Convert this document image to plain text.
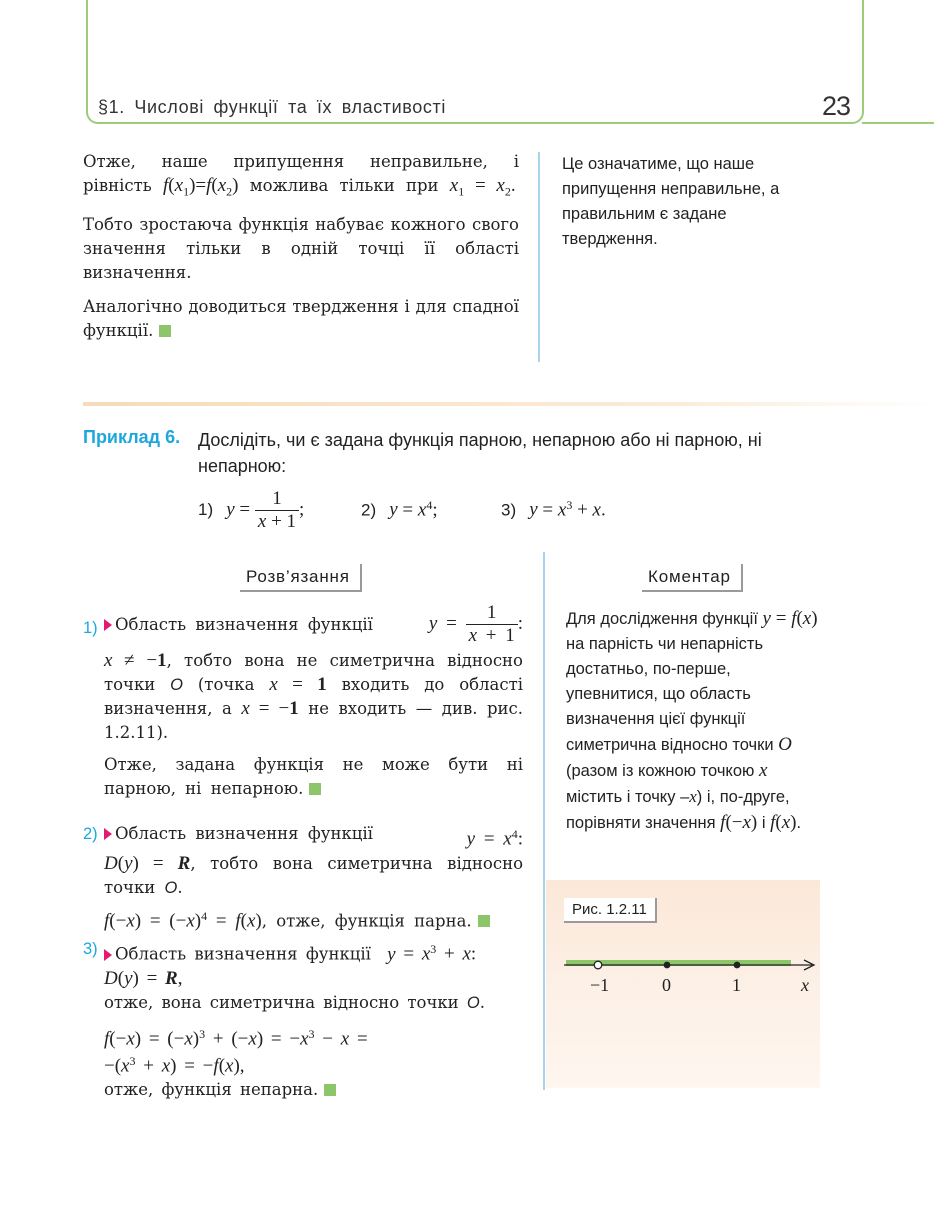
§1. Числові функції та їх властивості	23

Отже, наше припущення неправильне, і рівність $f(x_1)=f(x_2)$ можлива тільки при $x_1 = x_2$.

Тобто зростаюча функція набуває кожного свого значення тільки в одній точці її області визначення.

Аналогічно доводиться твердження і для спадної функції.

Це означатиме, що наше припущення неправильне, а правильним є задане твердження.
Приклад 6. Дослідіть, чи є задана функція парною, непарною або ні парною, ні непарною:
1) $y = \frac{1}{x + 1}$ ;	2) $y = x^4$;	3) $y = x^3 + x$.
Розв’язання	Коментар
1)	Область визначення функції	$y = \frac{1}{x + 1}$ :
x ≠ −1, тобто вона не симетрична відносно точки O (точка x = 1 входить до області визначення, а x = −1 не входить — див. рис. 1.2.11).
Отже, задана функція не може бути ні парною, ні непарною.
2)	Область визначення функції	$y = x^4$:
D(y) = R, тобто вона симетрична відносно точки O.
$f(-x) = (-x)^4 = f(x)$, отже, функція парна.
3)	Область визначення функції $y = x^3 + x$:
D(y) = R,
отже, вона симетрична відносно точки O.
$f(-x) = (-x)^3 + (-x) = -x^3 - x$ =
$-(x^3 + x) = -f(x)$,
отже, функція непарна.
Для дослідження функції y = f(x) на парність чи непарність достатньо, по-перше, упевнитися, що область визначення цієї функції симетрична відносно точки O (разом із кожною точкою x містить і точку –x) і, по-друге, порівняти значення f(−x) і f(x).
Рис. 1.2.11
−1	0	1	x
